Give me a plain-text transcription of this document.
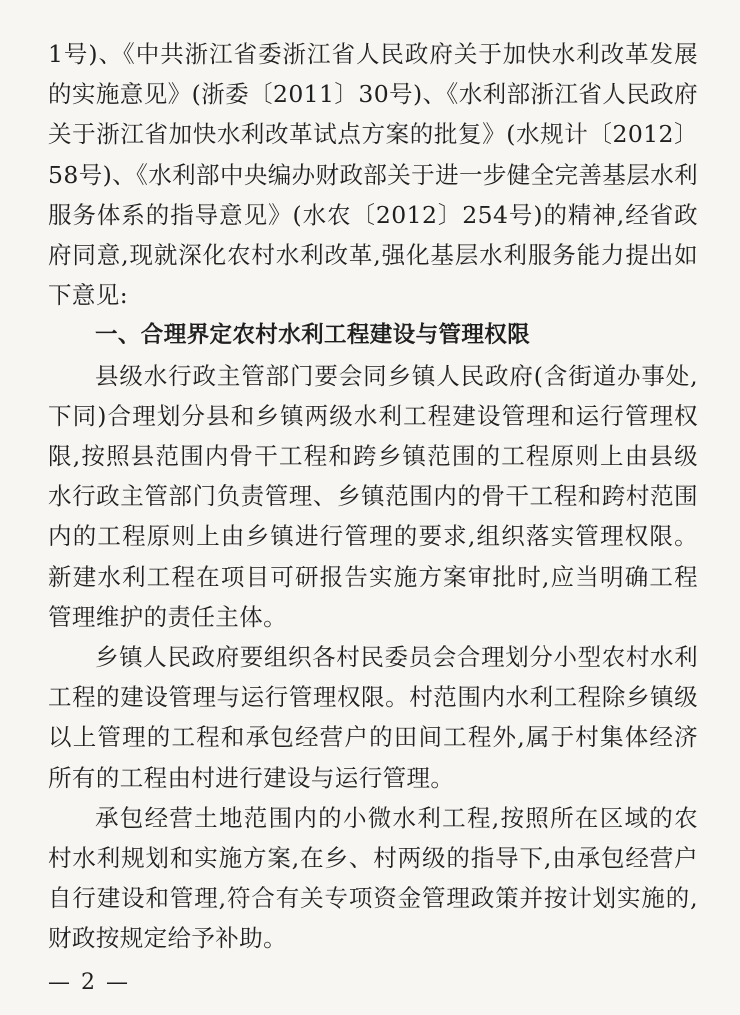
1号)、《中共浙江省委浙江省人民政府关于加快水利改革发展的实施意见》(浙委〔2011〕30号)、《水利部浙江省人民政府关于浙江省加快水利改革试点方案的批复》(水规计〔2012〕58号)、《水利部中央编办财政部关于进一步健全完善基层水利服务体系的指导意见》(水农〔2012〕254号)的精神,经省政府同意,现就深化农村水利改革,强化基层水利服务能力提出如下意见:

一、合理界定农村水利工程建设与管理权限

县级水行政主管部门要会同乡镇人民政府(含街道办事处,下同)合理划分县和乡镇两级水利工程建设管理和运行管理权限,按照县范围内骨干工程和跨乡镇范围的工程原则上由县级水行政主管部门负责管理、乡镇范围内的骨干工程和跨村范围内的工程原则上由乡镇进行管理的要求,组织落实管理权限。新建水利工程在项目可研报告实施方案审批时,应当明确工程管理维护的责任主体。

乡镇人民政府要组织各村民委员会合理划分小型农村水利工程的建设管理与运行管理权限。村范围内水利工程除乡镇级以上管理的工程和承包经营户的田间工程外,属于村集体经济所有的工程由村进行建设与运行管理。

承包经营土地范围内的小微水利工程,按照所在区域的农村水利规划和实施方案,在乡、村两级的指导下,由承包经营户自行建设和管理,符合有关专项资金管理政策并按计划实施的,财政按规定给予补助。

— 2 —
